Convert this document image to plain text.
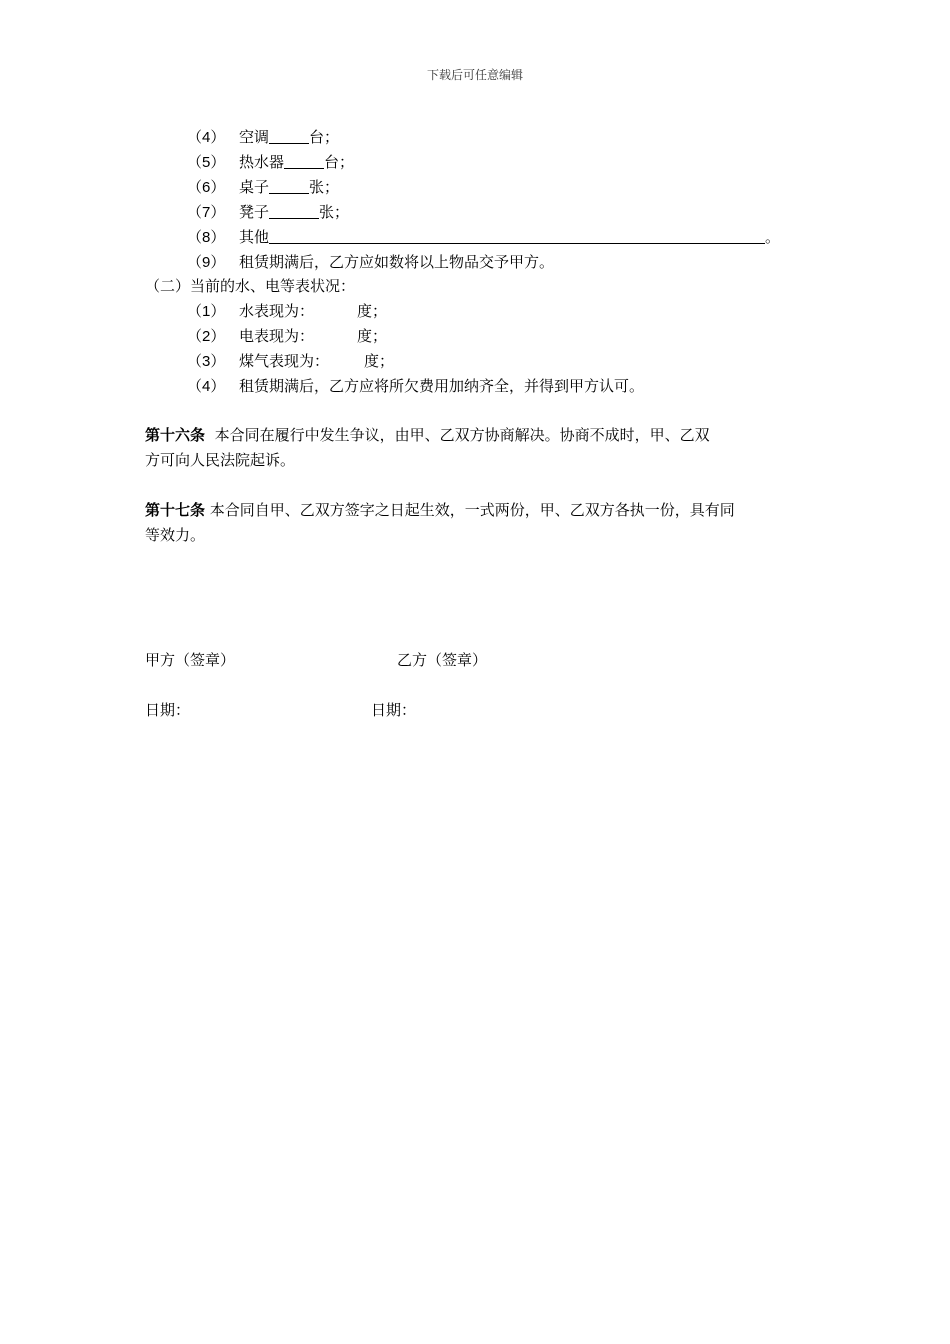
下载后可任意编辑
（4） 空调	台；
（5） 热水器	台；
（6） 桌子	张；
（7） 凳子	张；
（8） 其他	。
（9） 租赁期满后，乙方应如数将以上物品交予甲方。
（二）当前的水、电等表状况：
（1） 水表现为：	度；
（2） 电表现为：	度；
（3） 煤气表现为： 度；
（4） 租赁期满后，乙方应将所欠费用加纳齐全，并得到甲方认可。
第十六条 本合同在履行中发生争议，由甲、乙双方协商解决。协商不成时，甲、乙双
方可向人民法院起诉。
第十七条 本合同自甲、乙双方签字之日起生效，一式两份，甲、乙双方各执一份，具有同
等效力。
甲方（签章）	乙方（签章）
日期：	日期：
